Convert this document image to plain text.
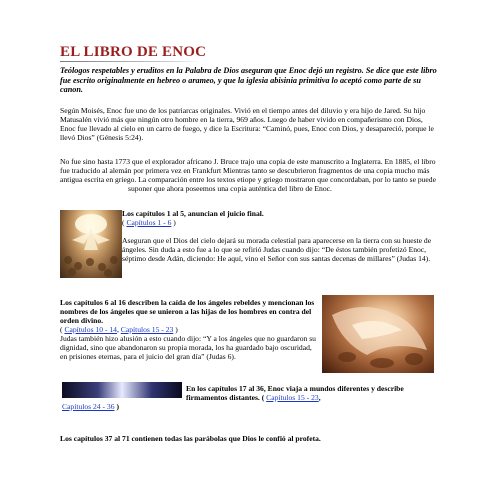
EL LIBRO DE ENOC

Teólogos respetables y eruditos en la Palabra de Dios aseguran que Enoc dejó un registro. Se dice que este libro fue escrito originalmente en hebreo o arameo, y que la iglesia abisinia primitiva lo aceptó como parte de su canon.

Según Moisés, Enoc fue uno de los patriarcas originales. Vivió en el tiempo antes del diluvio y era hijo de Jared. Su hijo Matusalén vivió más que ningún otro hombre en la tierra, 969 años. Luego de haber vivido en compañerismo con Dios, Enoc fue llevado al cielo en un carro de fuego, y dice la Escritura: “Caminó, pues, Enoc con Dios, y desapareció, porque le llevó Dios” (Génesis 5:24).

No fue sino hasta 1773 que el explorador africano J. Bruce trajo una copia de este manuscrito a Inglaterra. En 1885, el libro fue traducido al alemán por primera vez en Frankfurt Mientras tanto se descubrieron fragmentos de una copia mucho más antigua escrita en griego. La comparación entre los textos etiope y griego mostraron que concordaban, por lo tanto se puede
suponer que ahora poseemos una copia auténtica del libro de Enoc.

Los capítulos 1 al 5, anuncian el juicio final.

( Capítulos 1 - 6 )

Aseguran que el Dios del cielo dejará su morada celestial para aparecerse en la tierra con su hueste de ángeles. Sin duda a esto fue a lo que se refirió Judas cuando dijo: “De éstos también profetizó Enoc, séptimo desde Adán, diciendo: He aquí, vino el Señor con sus santas decenas de millares” (Judas 14).

Los capítulos 6 al 16 describen la caída de los ángeles rebeldes y mencionan los nombres de los ángeles que se unieron a las hijas de los hombres en contra del orden divino.
( Capítulos 10 - 14, Capítulos 15 - 23 )

Judas también hizo alusión a esto cuando dijo: “Y a los ángeles que no guardaron su dignidad, sino que abandonaron su propia morada, los ha guardado bajo oscuridad, en prisiones eternas, para el juicio del gran día” (Judas 6).

En los capítulos 17 al 36, Enoc viaja a mundos diferentes y describe firmamentos distantes. ( Capítulos 15 - 23,

Capítulos 24 - 36 )

Los capítulos 37 al 71 contienen todas las parábolas que Dios le confió al profeta.
